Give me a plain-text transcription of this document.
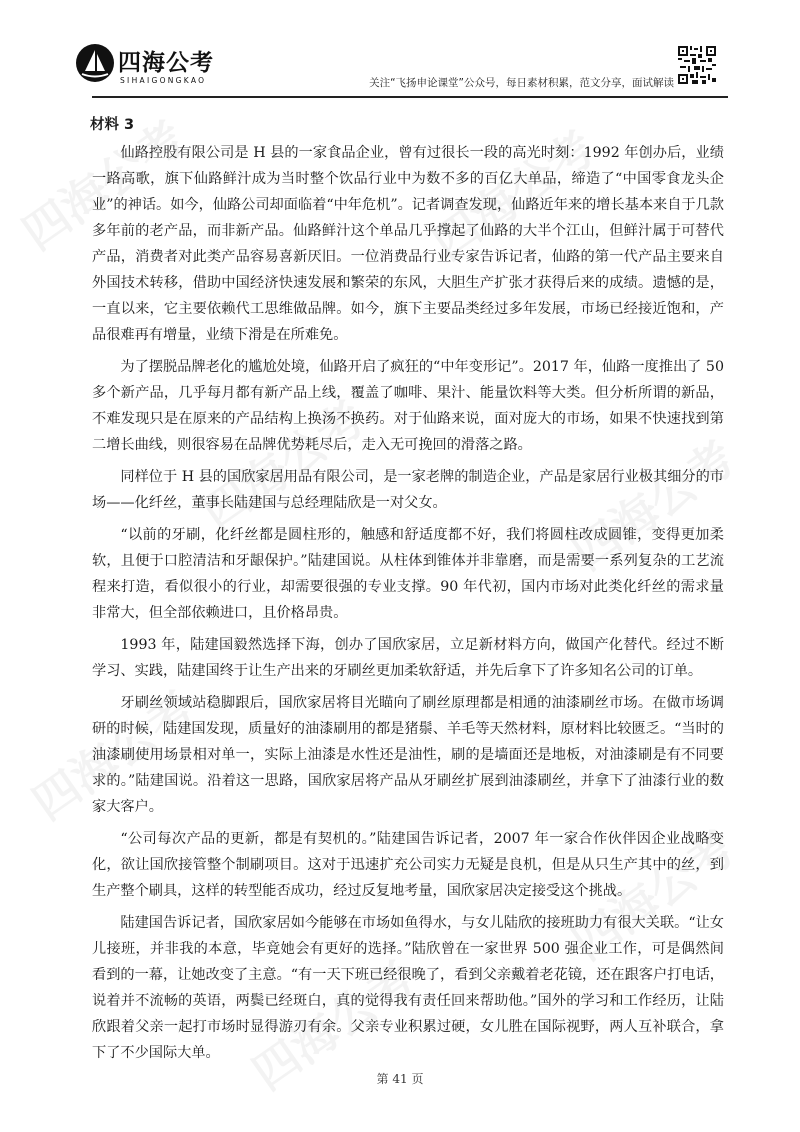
四海公考
SIHAIGONGKAO	关注“飞扬申论课堂”公众号，每日素材积累，范文分享，面试解读
材料 3

仙路控股有限公司是 H 县的一家食品企业，曾有过很长一段的高光时刻：1992 年创办后，业绩一路高歌，旗下仙路鲜汁成为当时整个饮品行业中为数不多的百亿大单品，缔造了“中国零食龙头企业”的神话。如今，仙路公司却面临着“中年危机”。记者调查发现，仙路近年来的增长基本来自于几款多年前的老产品，而非新产品。仙路鲜汁这个单品几乎撑起了仙路的大半个江山，但鲜汁属于可替代产品，消费者对此类产品容易喜新厌旧。一位消费品行业专家告诉记者，仙路的第一代产品主要来自外国技术转移，借助中国经济快速发展和繁荣的东风，大胆生产扩张才获得后来的成绩。遗憾的是，一直以来，它主要依赖代工思维做品牌。如今，旗下主要品类经过多年发展，市场已经接近饱和，产品很难再有增量，业绩下滑是在所难免。

为了摆脱品牌老化的尴尬处境，仙路开启了疯狂的“中年变形记”。2017 年，仙路一度推出了 50 多个新产品，几乎每月都有新产品上线，覆盖了咖啡、果汁、能量饮料等大类。但分析所谓的新品，不难发现只是在原来的产品结构上换汤不换药。对于仙路来说，面对庞大的市场，如果不快速找到第二增长曲线，则很容易在品牌优势耗尽后，走入无可挽回的滑落之路。

同样位于 H 县的国欣家居用品有限公司，是一家老牌的制造企业，产品是家居行业极其细分的市场——化纤丝，董事长陆建国与总经理陆欣是一对父女。

“以前的牙刷，化纤丝都是圆柱形的，触感和舒适度都不好，我们将圆柱改成圆锥，变得更加柔软，且便于口腔清洁和牙龈保护。”陆建国说。从柱体到锥体并非靠磨，而是需要一系列复杂的工艺流程来打造，看似很小的行业，却需要很强的专业支撑。90 年代初，国内市场对此类化纤丝的需求量非常大，但全部依赖进口，且价格昂贵。

1993 年，陆建国毅然选择下海，创办了国欣家居，立足新材料方向，做国产化替代。经过不断学习、实践，陆建国终于让生产出来的牙刷丝更加柔软舒适，并先后拿下了许多知名公司的订单。

牙刷丝领域站稳脚跟后，国欣家居将目光瞄向了刷丝原理都是相通的油漆刷丝市场。在做市场调研的时候，陆建国发现，质量好的油漆刷用的都是猪鬃、羊毛等天然材料，原材料比较匮乏。“当时的油漆刷使用场景相对单一，实际上油漆是水性还是油性，刷的是墙面还是地板，对油漆刷是有不同要求的。”陆建国说。沿着这一思路，国欣家居将产品从牙刷丝扩展到油漆刷丝，并拿下了油漆行业的数家大客户。

“公司每次产品的更新，都是有契机的。”陆建国告诉记者，2007 年一家合作伙伴因企业战略变化，欲让国欣接管整个制刷项目。这对于迅速扩充公司实力无疑是良机，但是从只生产其中的丝，到生产整个刷具，这样的转型能否成功，经过反复地考量，国欣家居决定接受这个挑战。

陆建国告诉记者，国欣家居如今能够在市场如鱼得水，与女儿陆欣的接班助力有很大关联。“让女儿接班，并非我的本意，毕竟她会有更好的选择。”陆欣曾在一家世界 500 强企业工作，可是偶然间看到的一幕，让她改变了主意。“有一天下班已经很晚了，看到父亲戴着老花镜，还在跟客户打电话，说着并不流畅的英语，两鬓已经斑白，真的觉得我有责任回来帮助他。”国外的学习和工作经历，让陆欣跟着父亲一起打市场时显得游刃有余。父亲专业积累过硬，女儿胜在国际视野，两人互补联合，拿下了不少国际大单。

第 41 页
